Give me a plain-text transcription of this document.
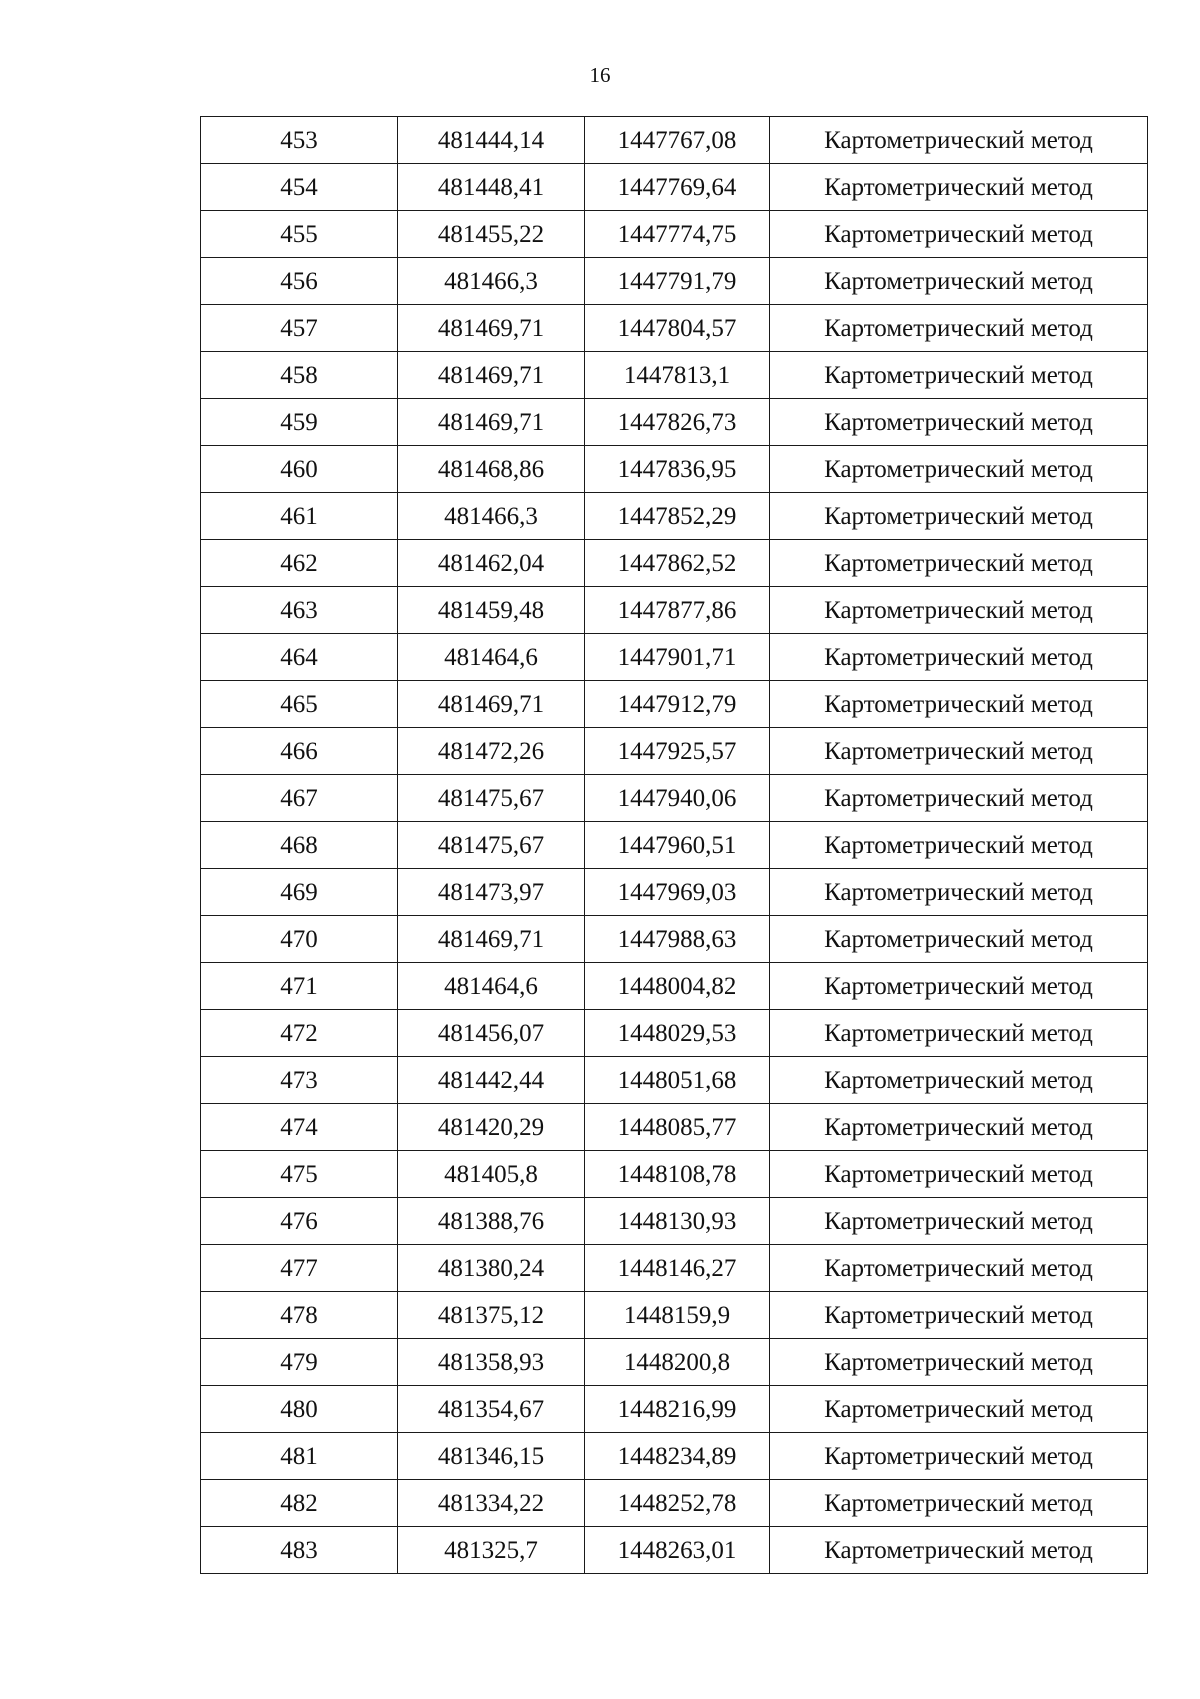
16
453	481444,14	1447767,08	Картометрический метод
454	481448,41	1447769,64	Картометрический метод
455	481455,22	1447774,75	Картометрический метод
456	481466,3	1447791,79	Картометрический метод
457	481469,71	1447804,57	Картометрический метод
458	481469,71	1447813,1	Картометрический метод
459	481469,71	1447826,73	Картометрический метод
460	481468,86	1447836,95	Картометрический метод
461	481466,3	1447852,29	Картометрический метод
462	481462,04	1447862,52	Картометрический метод
463	481459,48	1447877,86	Картометрический метод
464	481464,6	1447901,71	Картометрический метод
465	481469,71	1447912,79	Картометрический метод
466	481472,26	1447925,57	Картометрический метод
467	481475,67	1447940,06	Картометрический метод
468	481475,67	1447960,51	Картометрический метод
469	481473,97	1447969,03	Картометрический метод
470	481469,71	1447988,63	Картометрический метод
471	481464,6	1448004,82	Картометрический метод
472	481456,07	1448029,53	Картометрический метод
473	481442,44	1448051,68	Картометрический метод
474	481420,29	1448085,77	Картометрический метод
475	481405,8	1448108,78	Картометрический метод
476	481388,76	1448130,93	Картометрический метод
477	481380,24	1448146,27	Картометрический метод
478	481375,12	1448159,9	Картометрический метод
479	481358,93	1448200,8	Картометрический метод
480	481354,67	1448216,99	Картометрический метод
481	481346,15	1448234,89	Картометрический метод
482	481334,22	1448252,78	Картометрический метод
483	481325,7	1448263,01	Картометрический метод
